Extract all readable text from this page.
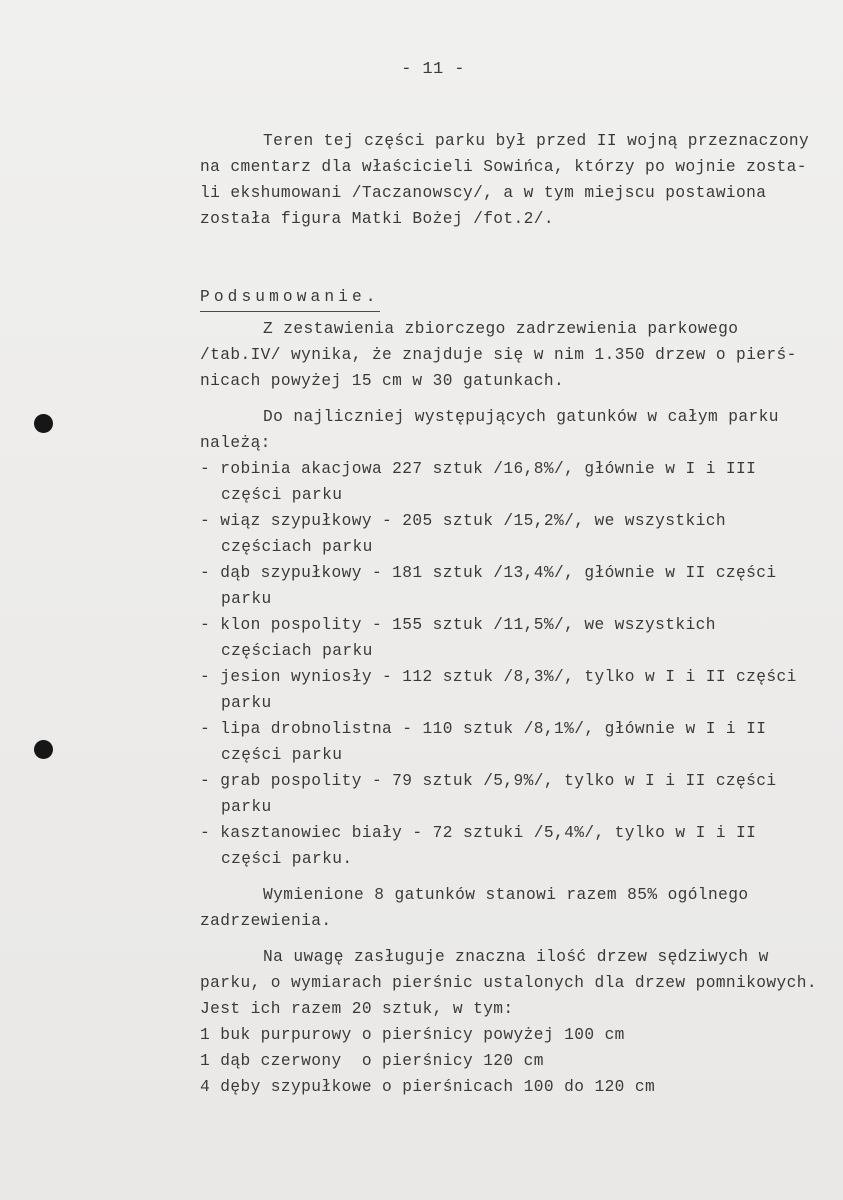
- 11 -
Teren tej części parku był przed II wojną przeznaczony
na cmentarz dla właścicieli Sowińca, którzy po wojnie zosta-
li ekshumowani /Taczanowscy/, a w tym miejscu postawiona
została figura Matki Bożej /fot.2/.
Podsumowanie.
Z zestawienia zbiorczego zadrzewienia parkowego
/tab.IV/ wynika, że znajduje się w nim 1.350 drzew o pierś-
nicach powyżej 15 cm w 30 gatunkach.
Do najliczniej występujących gatunków w całym parku
należą:
- robinia akacjowa 227 sztuk /16,8%/, głównie w I i III
części parku
- wiąz szypułkowy - 205 sztuk /15,2%/, we wszystkich
częściach parku
- dąb szypułkowy - 181 sztuk /13,4%/, głównie w II części
parku
- klon pospolity - 155 sztuk /11,5%/, we wszystkich
częściach parku
- jesion wyniosły - 112 sztuk /8,3%/, tylko w I i II części
parku
- lipa drobnolistna - 110 sztuk /8,1%/, głównie w I i II
części parku
- grab pospolity - 79 sztuk /5,9%/, tylko w I i II części
parku
- kasztanowiec biały - 72 sztuki /5,4%/, tylko w I i II
części parku.
Wymienione 8 gatunków stanowi razem 85% ogólnego
zadrzewienia.
Na uwagę zasługuje znaczna ilość drzew sędziwych w
parku, o wymiarach pierśnic ustalonych dla drzew pomnikowych.
Jest ich razem 20 sztuk, w tym:
1 buk purpurowy o pierśnicy powyżej 100 cm
1 dąb czerwony  o pierśnicy 120 cm
4 dęby szypułkowe o pierśnicach 100 do 120 cm
